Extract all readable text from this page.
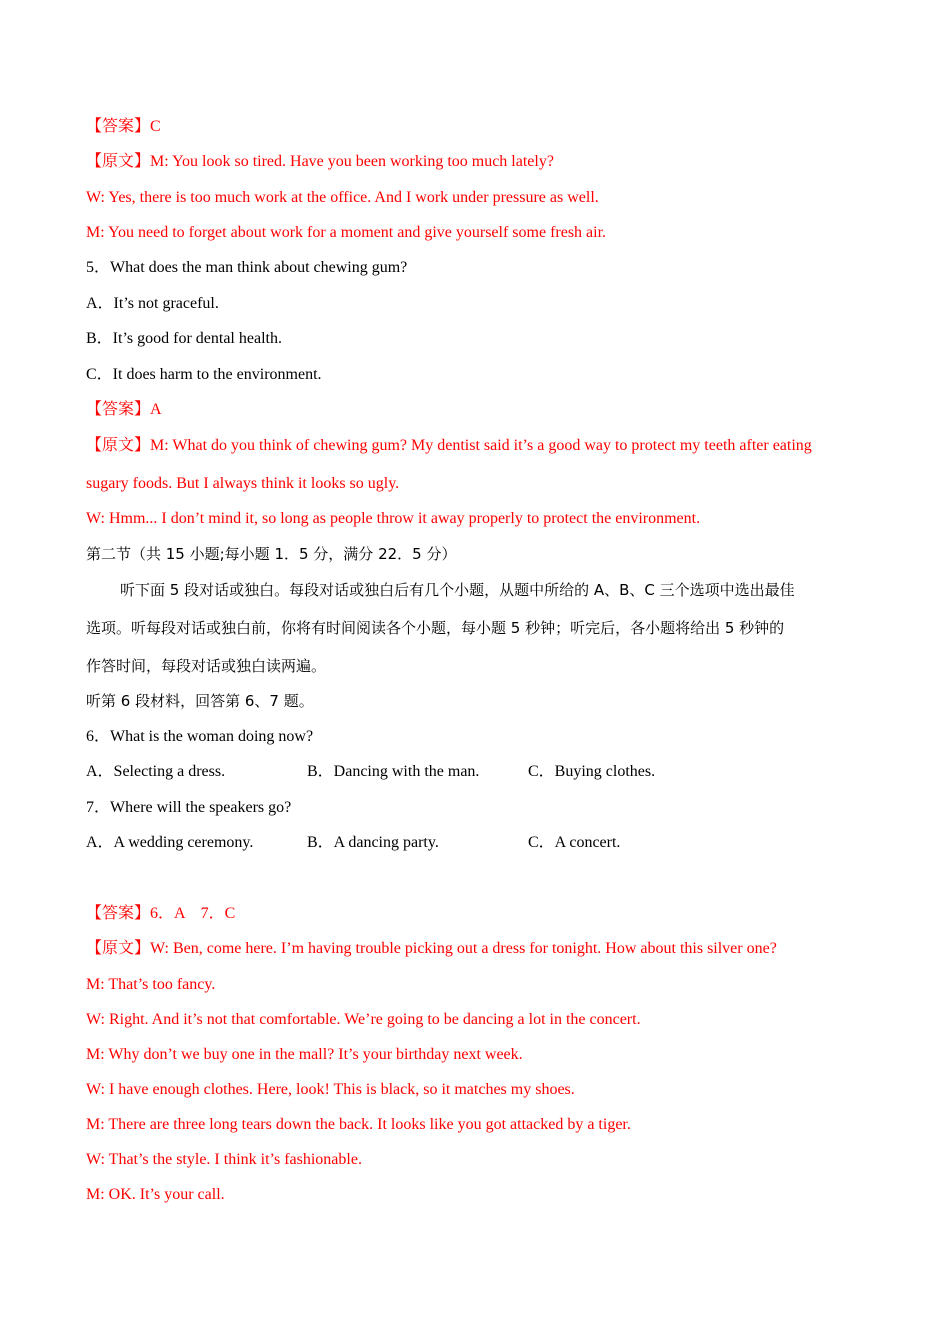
【答案】C
【原文】M: You look so tired. Have you been working too much lately?
W: Yes, there is too much work at the office. And I work under pressure as well.
M: You need to forget about work for a moment and give yourself some fresh air.
5．What does the man think about chewing gum?
A．It’s not graceful.
B．It’s good for dental health.
C．It does harm to the environment.
【答案】A
【原文】M: What do you think of chewing gum? My dentist said it’s a good way to protect my teeth after eating
sugary foods. But I always think it looks so ugly.
W: Hmm... I don’t mind it, so long as people throw it away properly to protect the environment.
第二节（共 15 小题;每小题 1．5 分，满分 22．5 分）
听下面 5 段对话或独白。每段对话或独白后有几个小题，从题中所给的 A、B、C 三个选项中选出最佳
选项。听每段对话或独白前，你将有时间阅读各个小题，每小题 5 秒钟；听完后，各小题将给出 5 秒钟的
作答时间，每段对话或独白读两遍。
听第 6 段材料，回答第 6、7 题。
6．What is the woman doing now?
A．Selecting a dress.	B．Dancing with the man.	C．Buying clothes.
7．Where will the speakers go?
A．A wedding ceremony.	B．A dancing party.	C．A concert.
【答案】6．A    7．C
【原文】W: Ben, come here. I’m having trouble picking out a dress for tonight. How about this silver one?
M: That’s too fancy.
W: Right. And it’s not that comfortable. We’re going to be dancing a lot in the concert.
M: Why don’t we buy one in the mall? It’s your birthday next week.
W: I have enough clothes. Here, look! This is black, so it matches my shoes.
M: There are three long tears down the back. It looks like you got attacked by a tiger.
W: That’s the style. I think it’s fashionable.
M: OK. It’s your call.
